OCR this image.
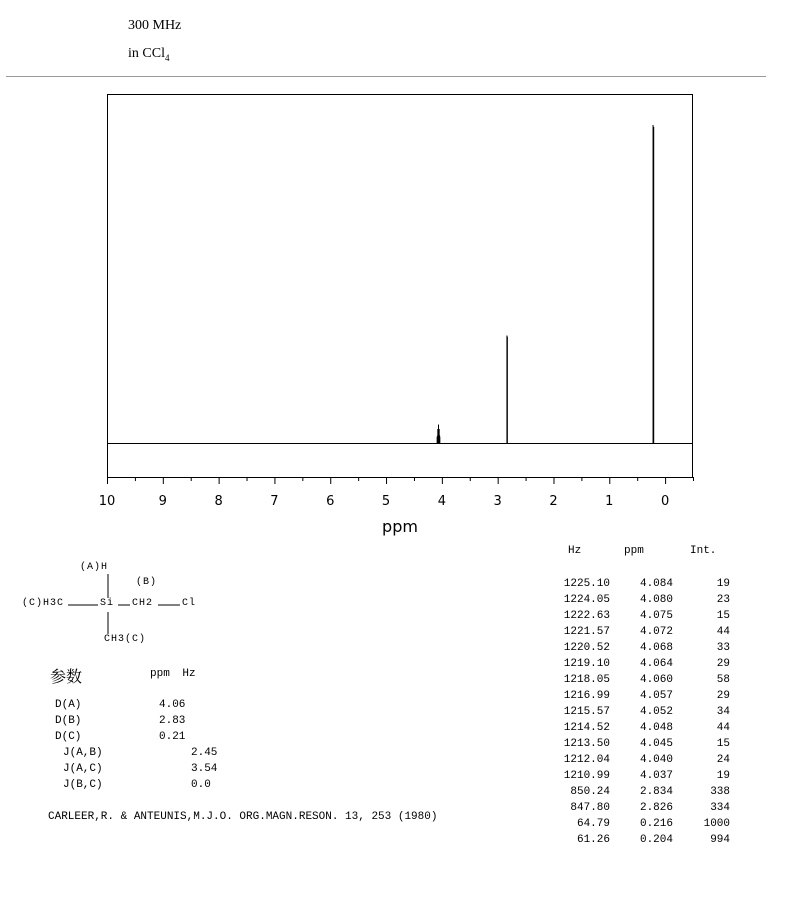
300 MHz
in CCl$_4$
10	9	8	7	6	5	4	3	2	1	0
ppm
(A)H
(B)
(C)H3C	Si CH2	Cl
CH3(C)
参数	ppm Hz
D(A)	4.06
D(B)	2.83
D(C)	0.21
J(A,B)	2.45
J(A,C)	3.54
J(B,C)	0.0
Hz	ppm	Int.
1225.10	4.084	19
1224.05	4.080	23
1222.63	4.075	15
1221.57	4.072	44
1220.52	4.068	33
1219.10	4.064	29
1218.05	4.060	58
1216.99	4.057	29
1215.57	4.052	34
1214.52	4.048	44
1213.50	4.045	15
1212.04	4.040	24
1210.99	4.037	19
850.24	2.834	338
847.80	2.826	334
64.79	0.216	1000
61.26	0.204	994
CARLEER,R. & ANTEUNIS,M.J.O. ORG.MAGN.RESON. 13, 253 (1980)
